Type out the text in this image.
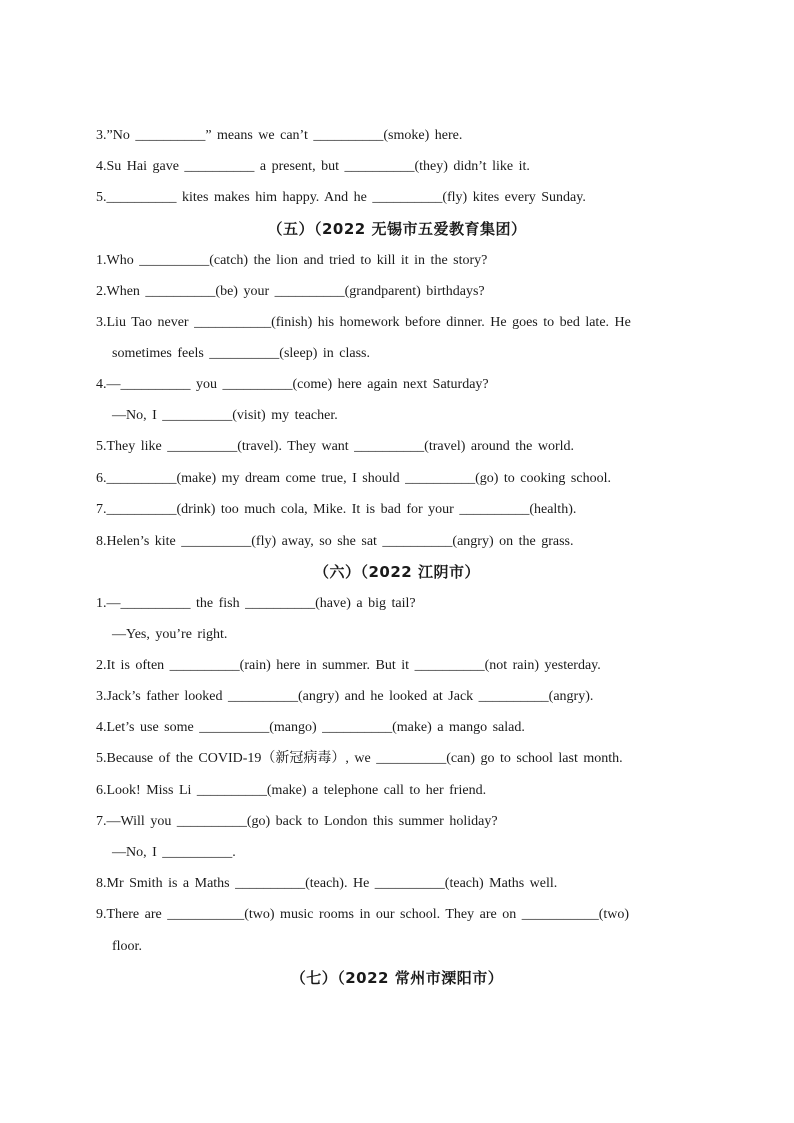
3.”No __________” means we can’t __________(smoke) here.
4.Su Hai gave __________ a present, but __________(they) didn’t like it.
5.__________ kites makes him happy. And he __________(fly) kites every Sunday.
（五）（2022 无锡市五爱教育集团）
1.Who __________(catch) the lion and tried to kill it in the story?
2.When __________(be) your __________(grandparent) birthdays?
3.Liu Tao never ___________(finish) his homework before dinner. He goes to bed late. He
sometimes feels __________(sleep) in class.
4.—__________ you __________(come) here again next Saturday?
—No, I __________(visit) my teacher.
5.They like __________(travel). They want __________(travel) around the world.
6.__________(make) my dream come true, I should __________(go) to cooking school.
7.__________(drink) too much cola, Mike. It is bad for your __________(health).
8.Helen’s kite __________(fly) away, so she sat __________(angry) on the grass.
（六）（2022 江阴市）
1.—__________ the fish __________(have) a big tail?
—Yes, you’re right.
2.It is often __________(rain) here in summer. But it __________(not rain) yesterday.
3.Jack’s father looked __________(angry) and he looked at Jack __________(angry).
4.Let’s use some __________(mango) __________(make) a mango salad.
5.Because of the COVID-19（新冠病毒）, we __________(can) go to school last month.
6.Look! Miss Li __________(make) a telephone call to her friend.
7.—Will you __________(go) back to London this summer holiday?
—No, I __________.
8.Mr Smith is a Maths __________(teach). He __________(teach) Maths well.
9.There are ___________(two) music rooms in our school. They are on ___________(two)
floor.
（七）（2022 常州市溧阳市）
